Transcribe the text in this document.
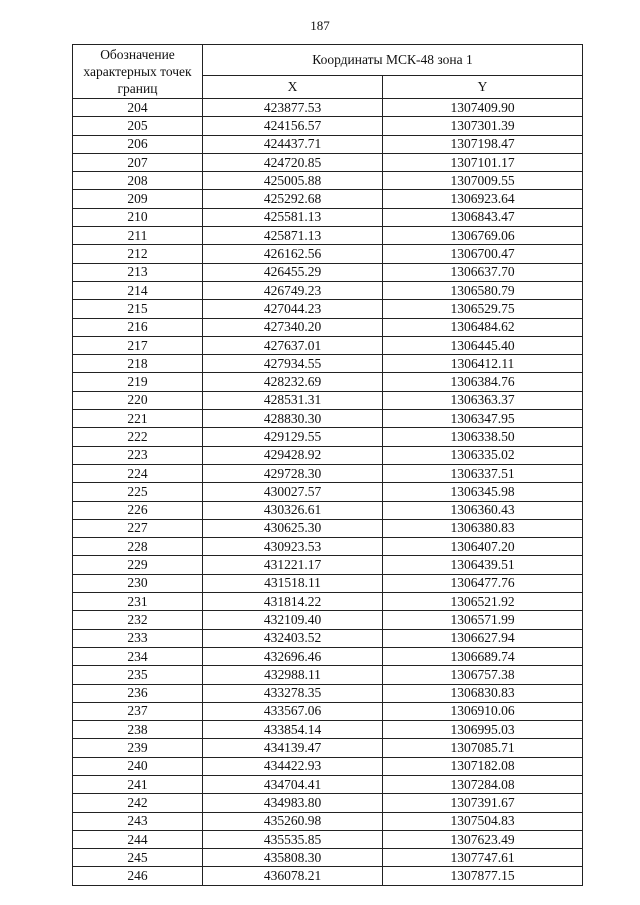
187
Обозначение характерных точек границ	Координаты МСК-48 зона 1	
	X	Y
204	423877.53	1307409.90
205	424156.57	1307301.39
206	424437.71	1307198.47
207	424720.85	1307101.17
208	425005.88	1307009.55
209	425292.68	1306923.64
210	425581.13	1306843.47
211	425871.13	1306769.06
212	426162.56	1306700.47
213	426455.29	1306637.70
214	426749.23	1306580.79
215	427044.23	1306529.75
216	427340.20	1306484.62
217	427637.01	1306445.40
218	427934.55	1306412.11
219	428232.69	1306384.76
220	428531.31	1306363.37
221	428830.30	1306347.95
222	429129.55	1306338.50
223	429428.92	1306335.02
224	429728.30	1306337.51
225	430027.57	1306345.98
226	430326.61	1306360.43
227	430625.30	1306380.83
228	430923.53	1306407.20
229	431221.17	1306439.51
230	431518.11	1306477.76
231	431814.22	1306521.92
232	432109.40	1306571.99
233	432403.52	1306627.94
234	432696.46	1306689.74
235	432988.11	1306757.38
236	433278.35	1306830.83
237	433567.06	1306910.06
238	433854.14	1306995.03
239	434139.47	1307085.71
240	434422.93	1307182.08
241	434704.41	1307284.08
242	434983.80	1307391.67
243	435260.98	1307504.83
244	435535.85	1307623.49
245	435808.30	1307747.61
246	436078.21	1307877.15
